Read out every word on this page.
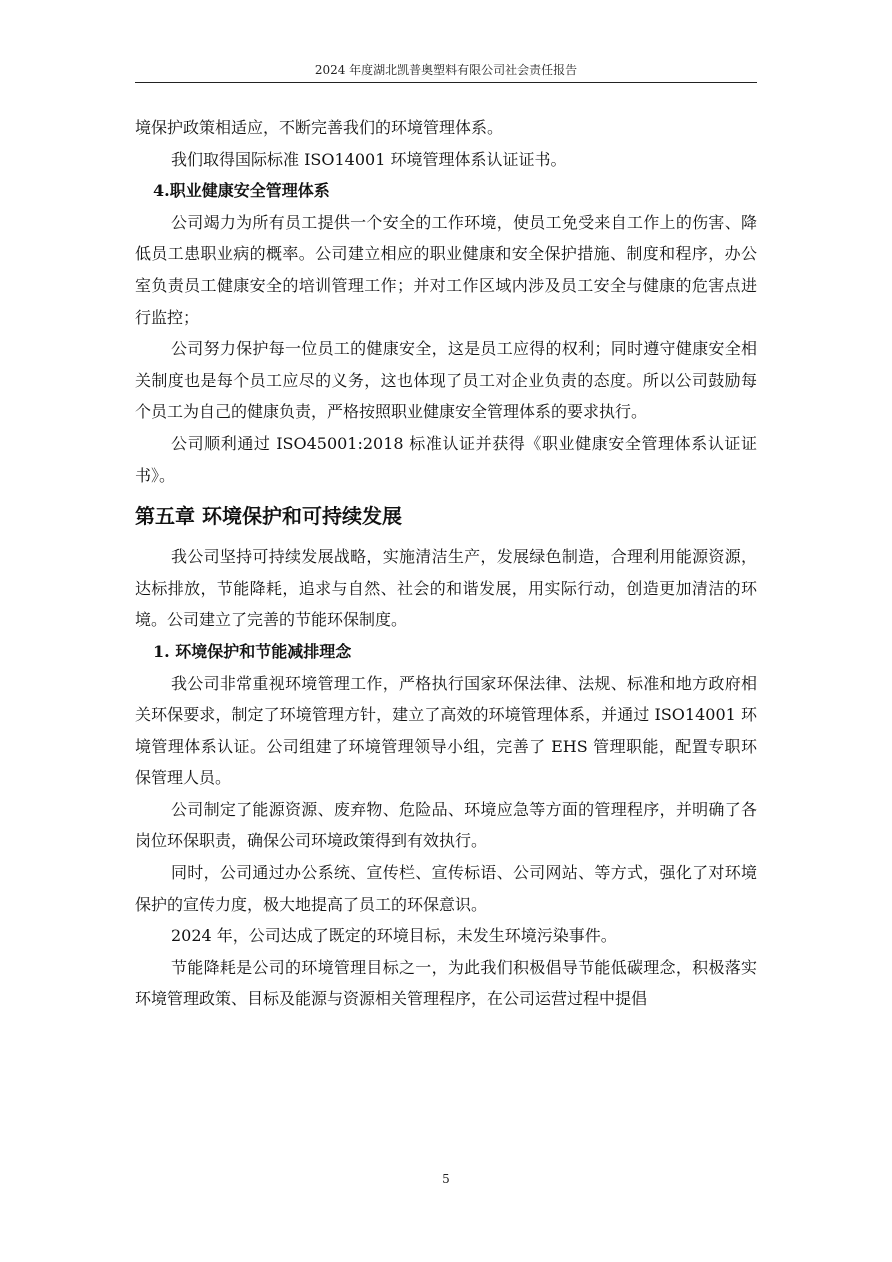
2024 年度湖北凯普奥塑料有限公司社会责任报告

境保护政策相适应，不断完善我们的环境管理体系。

我们取得国际标准 ISO14001 环境管理体系认证证书。

4.职业健康安全管理体系

公司竭力为所有员工提供一个安全的工作环境，使员工免受来自工作上的伤害、降低员工患职业病的概率。公司建立相应的职业健康和安全保护措施、制度和程序，办公室负责员工健康安全的培训管理工作；并对工作区域内涉及员工安全与健康的危害点进行监控；

公司努力保护每一位员工的健康安全，这是员工应得的权利；同时遵守健康安全相关制度也是每个员工应尽的义务，这也体现了员工对企业负责的态度。所以公司鼓励每个员工为自己的健康负责，严格按照职业健康安全管理体系的要求执行。

公司顺利通过 ISO45001:2018 标准认证并获得《职业健康安全管理体系认证证书》。

第五章 环境保护和可持续发展

我公司坚持可持续发展战略，实施清洁生产，发展绿色制造，合理利用能源资源，达标排放，节能降耗，追求与自然、社会的和谐发展，用实际行动，创造更加清洁的环境。公司建立了完善的节能环保制度。

1. 环境保护和节能减排理念

我公司非常重视环境管理工作，严格执行国家环保法律、法规、标准和地方政府相关环保要求，制定了环境管理方针，建立了高效的环境管理体系，并通过 ISO14001 环境管理体系认证。公司组建了环境管理领导小组，完善了 EHS 管理职能，配置专职环保管理人员。

公司制定了能源资源、废弃物、危险品、环境应急等方面的管理程序，并明确了各岗位环保职责，确保公司环境政策得到有效执行。

同时，公司通过办公系统、宣传栏、宣传标语、公司网站、等方式，强化了对环境保护的宣传力度，极大地提高了员工的环保意识。

2024 年，公司达成了既定的环境目标，未发生环境污染事件。

节能降耗是公司的环境管理目标之一，为此我们积极倡导节能低碳理念，积极落实环境管理政策、目标及能源与资源相关管理程序，在公司运营过程中提倡

5
